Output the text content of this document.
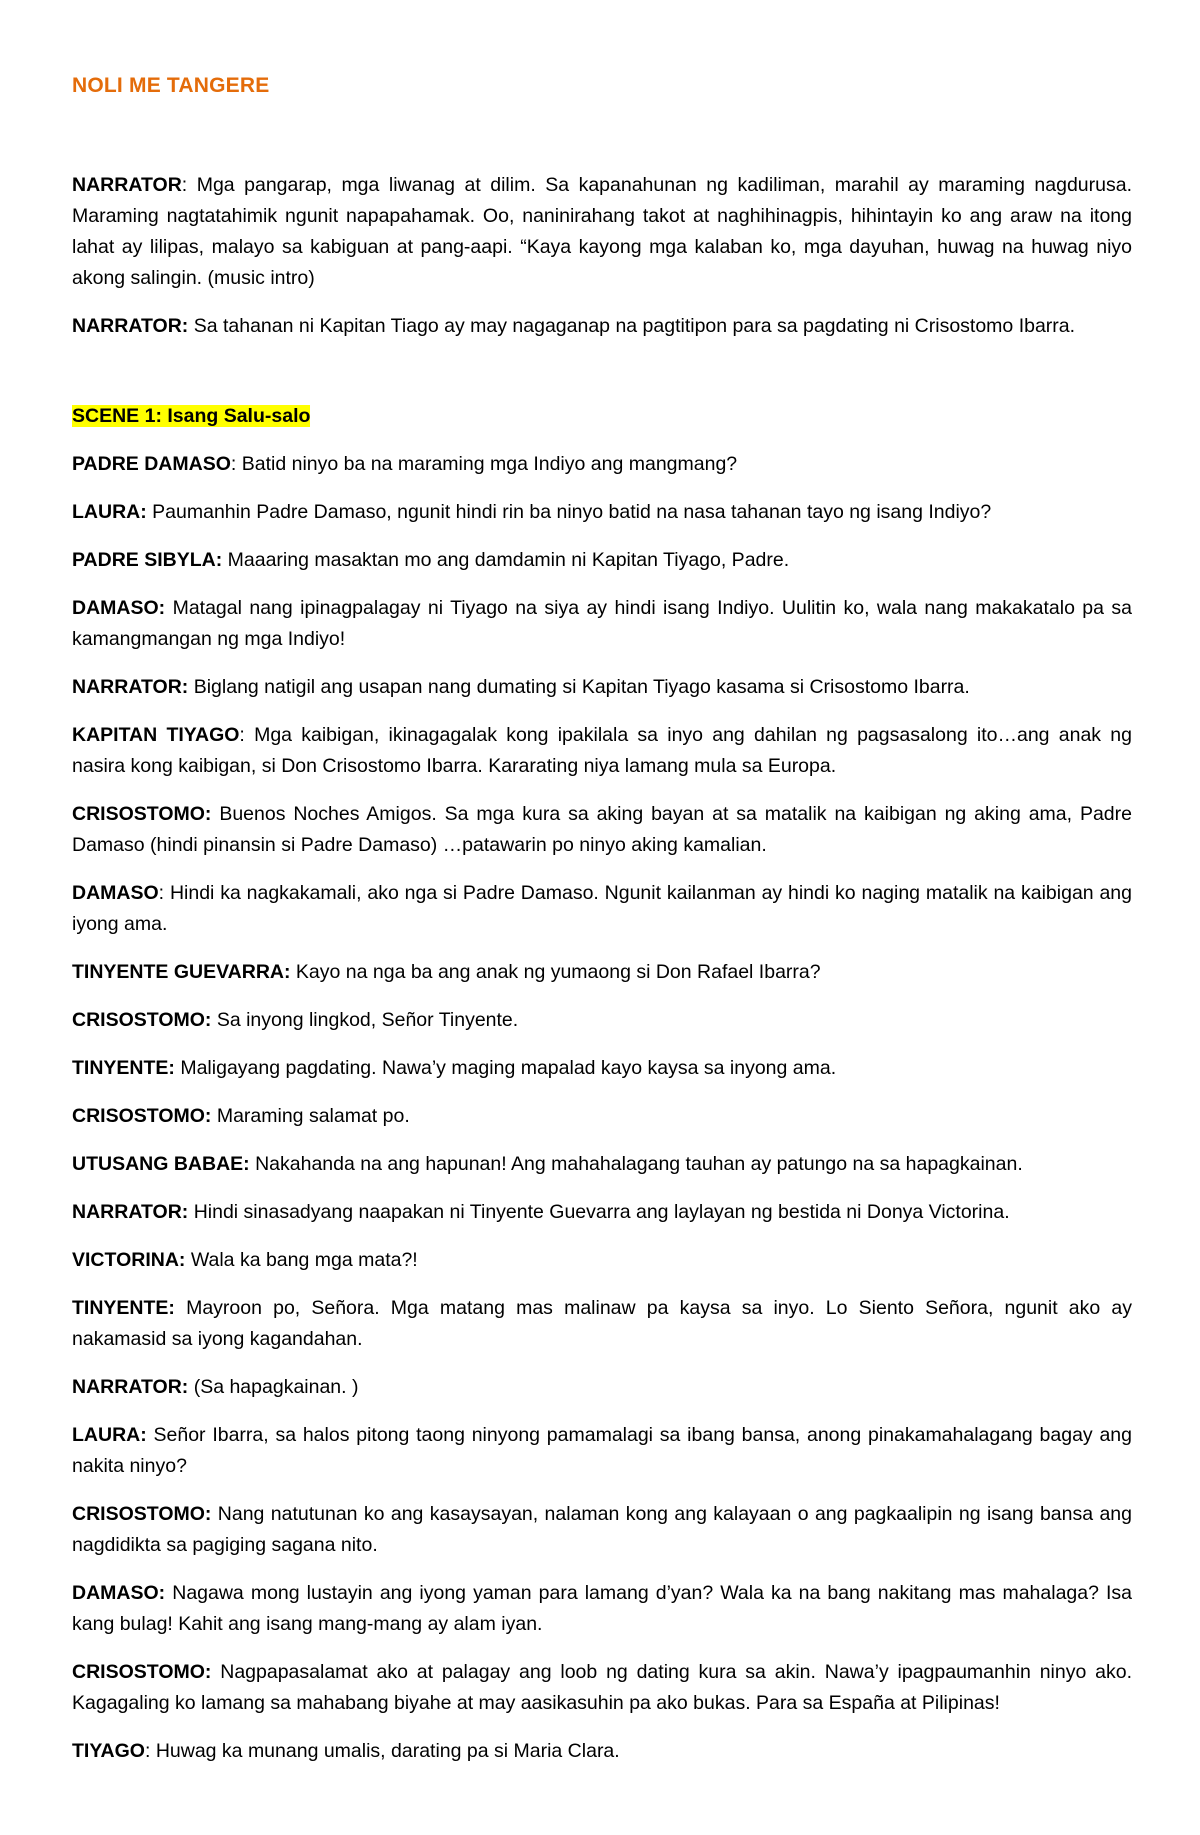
NOLI ME TANGERE

NARRATOR: Mga pangarap, mga liwanag at dilim. Sa kapanahunan ng kadiliman, marahil ay maraming nagdurusa. Maraming nagtatahimik ngunit napapahamak. Oo, naninirahang takot at naghihinagpis, hihintayin ko ang araw na itong lahat ay lilipas, malayo sa kabiguan at pang-aapi. “Kaya kayong mga kalaban ko, mga dayuhan, huwag na huwag niyo akong salingin. (music intro)

NARRATOR: Sa tahanan ni Kapitan Tiago ay may nagaganap na pagtitipon para sa pagdating ni Crisostomo Ibarra.

SCENE 1: Isang Salu-salo

PADRE DAMASO: Batid ninyo ba na maraming mga Indiyo ang mangmang?

LAURA: Paumanhin Padre Damaso, ngunit hindi rin ba ninyo batid na nasa tahanan tayo ng isang Indiyo?

PADRE SIBYLA: Maaaring masaktan mo ang damdamin ni Kapitan Tiyago, Padre.

DAMASO: Matagal nang ipinagpalagay ni Tiyago na siya ay hindi isang Indiyo. Uulitin ko, wala nang makakatalo pa sa kamangmangan ng mga Indiyo!

NARRATOR: Biglang natigil ang usapan nang dumating si Kapitan Tiyago kasama si Crisostomo Ibarra.

KAPITAN TIYAGO: Mga kaibigan, ikinagagalak kong ipakilala sa inyo ang dahilan ng pagsasalong ito…ang anak ng nasira kong kaibigan, si Don Crisostomo Ibarra. Kararating niya lamang mula sa Europa.

CRISOSTOMO: Buenos Noches Amigos. Sa mga kura sa aking bayan at sa matalik na kaibigan ng aking ama, Padre Damaso (hindi pinansin si Padre Damaso) …patawarin po ninyo aking kamalian.

DAMASO: Hindi ka nagkakamali, ako nga si Padre Damaso. Ngunit kailanman ay hindi ko naging matalik na kaibigan ang iyong ama.

TINYENTE GUEVARRA: Kayo na nga ba ang anak ng yumaong si Don Rafael Ibarra?

CRISOSTOMO: Sa inyong lingkod, Señor Tinyente.

TINYENTE: Maligayang pagdating. Nawa’y maging mapalad kayo kaysa sa inyong ama.

CRISOSTOMO: Maraming salamat po.

UTUSANG BABAE: Nakahanda na ang hapunan! Ang mahahalagang tauhan ay patungo na sa hapagkainan.

NARRATOR: Hindi sinasadyang naapakan ni Tinyente Guevarra ang laylayan ng bestida ni Donya Victorina.

VICTORINA: Wala ka bang mga mata?!

TINYENTE: Mayroon po, Señora. Mga matang mas malinaw pa kaysa sa inyo. Lo Siento Señora, ngunit ako ay nakamasid sa iyong kagandahan.

NARRATOR: (Sa hapagkainan. )

LAURA: Señor Ibarra, sa halos pitong taong ninyong pamamalagi sa ibang bansa, anong pinakamahalagang bagay ang nakita ninyo?

CRISOSTOMO: Nang natutunan ko ang kasaysayan, nalaman kong ang kalayaan o ang pagkaalipin ng isang bansa ang nagdidikta sa pagiging sagana nito.

DAMASO: Nagawa mong lustayin ang iyong yaman para lamang d’yan? Wala ka na bang nakitang mas mahalaga? Isa kang bulag! Kahit ang isang mang-mang ay alam iyan.

CRISOSTOMO: Nagpapasalamat ako at palagay ang loob ng dating kura sa akin. Nawa’y ipagpaumanhin ninyo ako. Kagagaling ko lamang sa mahabang biyahe at may aasikasuhin pa ako bukas. Para sa España at Pilipinas!

TIYAGO: Huwag ka munang umalis, darating pa si Maria Clara.
